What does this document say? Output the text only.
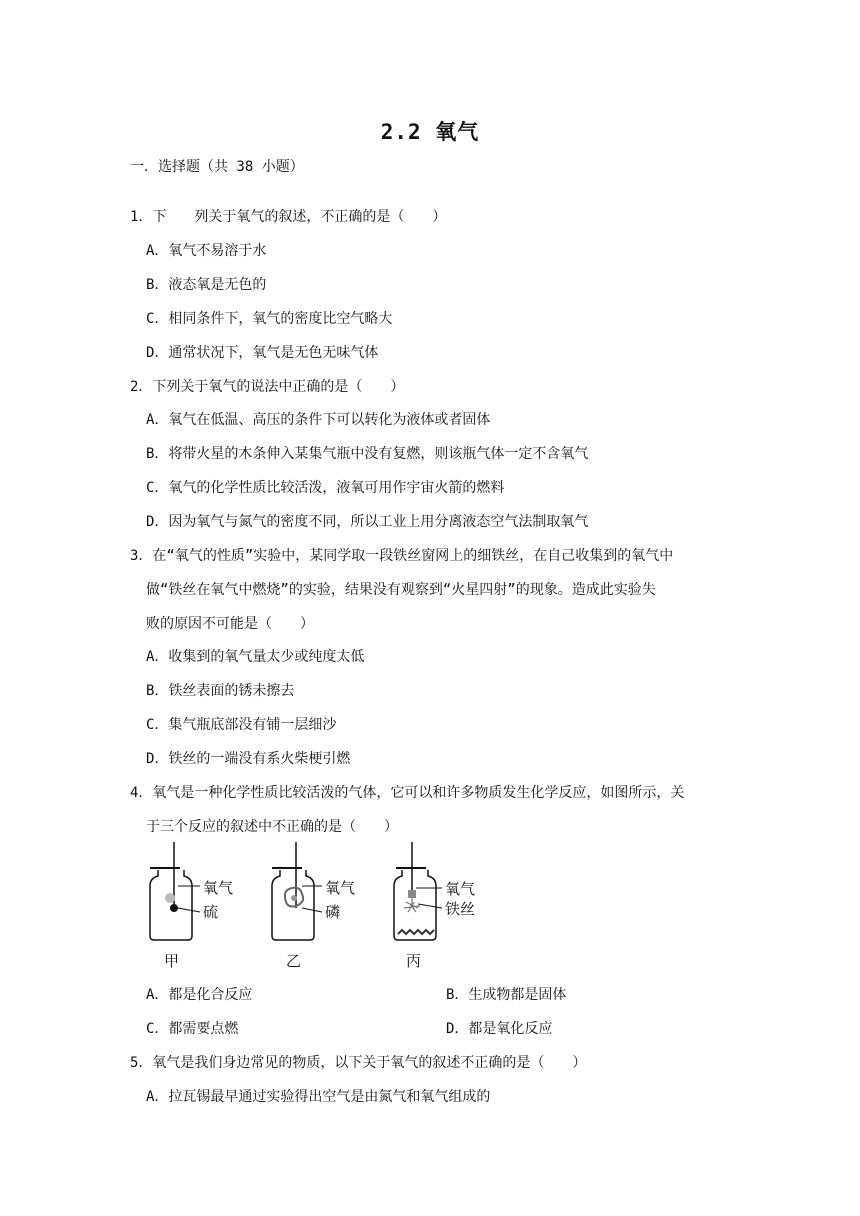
2.2 氧气
一．选择题（共 38 小题）
1．下　　列关于氧气的叙述，不正确的是（　　）
A．氧气不易溶于水
B．液态氧是无色的
C．相同条件下，氧气的密度比空气略大
D．通常状况下，氧气是无色无味气体
2．下列关于氧气的说法中正确的是（　　）
A．氧气在低温、高压的条件下可以转化为液体或者固体
B．将带火星的木条伸入某集气瓶中没有复燃，则该瓶气体一定不含氧气
C．氧气的化学性质比较活泼，液氧可用作宇宙火箭的燃料
D．因为氧气与氮气的密度不同，所以工业上用分离液态空气法制取氧气
3．在“氧气的性质”实验中，某同学取一段铁丝窗网上的细铁丝，在自己收集到的氧气中
做“铁丝在氧气中燃烧”的实验，结果没有观察到“火星四射”的现象。造成此实验失
败的原因不可能是（　　）
A．收集到的氧气量太少或纯度太低
B．铁丝表面的锈未擦去
C．集气瓶底部没有铺一层细沙
D．铁丝的一端没有系火柴梗引燃
4．氧气是一种化学性质比较活泼的气体，它可以和许多物质发生化学反应，如图所示，关
于三个反应的叙述中不正确的是（　　）
氧气
硫
甲
氧气
磷
乙
氧气
铁丝
丙
A．都是化合反应	B．生成物都是固体
C．都需要点燃	D．都是氧化反应
5．氧气是我们身边常见的物质，以下关于氧气的叙述不正确的是（　　）
A．拉瓦锡最早通过实验得出空气是由氮气和氧气组成的
